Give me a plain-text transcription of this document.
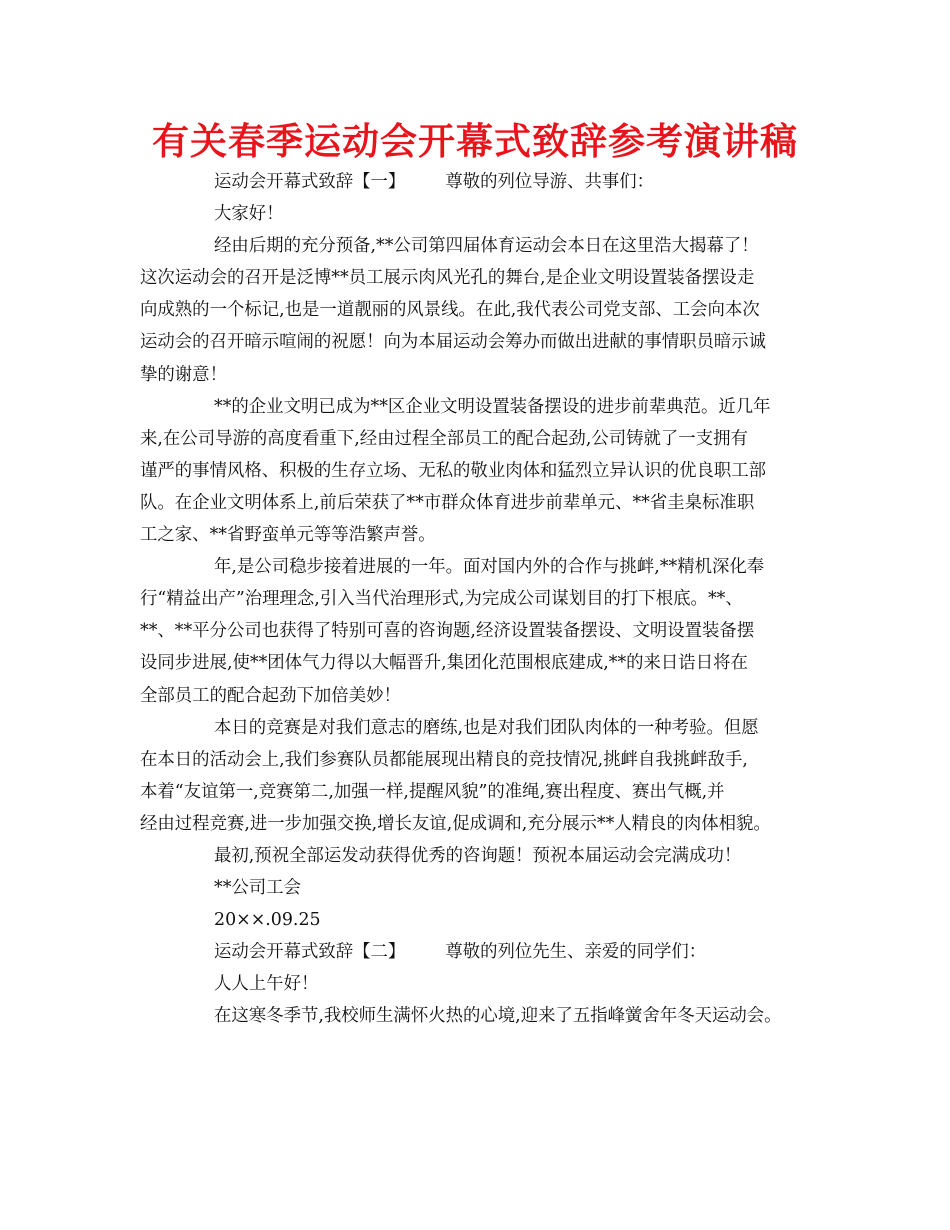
有关春季运动会开幕式致辞参考演讲稿
运动会开幕式致辞【一】 尊敬的列位导游、共事们：
大家好！
经由后期的充分预备,**公司第四届体育运动会本日在这里浩大揭幕了！
这次运动会的召开是泛博**员工展示肉风光孔的舞台,是企业文明设置装备摆设走
向成熟的一个标记,也是一道靓丽的风景线。在此,我代表公司党支部、工会向本次
运动会的召开暗示喧闹的祝愿！向为本届运动会筹办而做出进献的事情职员暗示诚
挚的谢意！
**的企业文明已成为**区企业文明设置装备摆设的进步前辈典范。近几年
来,在公司导游的高度看重下,经由过程全部员工的配合起劲,公司铸就了一支拥有
谨严的事情风格、积极的生存立场、无私的敬业肉体和猛烈立异认识的优良职工部
队。在企业文明体系上,前后荣获了**市群众体育进步前辈单元、**省圭臬标准职
工之家、**省野蛮单元等等浩繁声誉。
年,是公司稳步接着进展的一年。面对国内外的合作与挑衅,**精机深化奉
行“精益出产”治理理念,引入当代治理形式,为完成公司谋划目的打下根底。**、
**、**平分公司也获得了特别可喜的咨询题,经济设置装备摆设、文明设置装备摆
设同步进展,使**团体气力得以大幅晋升,集团化范围根底建成,**的来日诰日将在
全部员工的配合起劲下加倍美妙！
本日的竞赛是对我们意志的磨练,也是对我们团队肉体的一种考验。但愿
在本日的活动会上,我们参赛队员都能展现出精良的竞技情况,挑衅自我挑衅敌手,
本着“友谊第一,竞赛第二,加强一样,提醒风貌”的准绳,赛出程度、赛出气概,并
经由过程竞赛,进一步加强交换,增长友谊,促成调和,充分展示**人精良的肉体相貌。
最初,预祝全部运发动获得优秀的咨询题！预祝本届运动会完满成功！
**公司工会
20××.09.25
运动会开幕式致辞【二】 尊敬的列位先生、亲爱的同学们：
人人上午好！
在这寒冬季节,我校师生满怀火热的心境,迎来了五指峰黉舍年冬天运动会。
